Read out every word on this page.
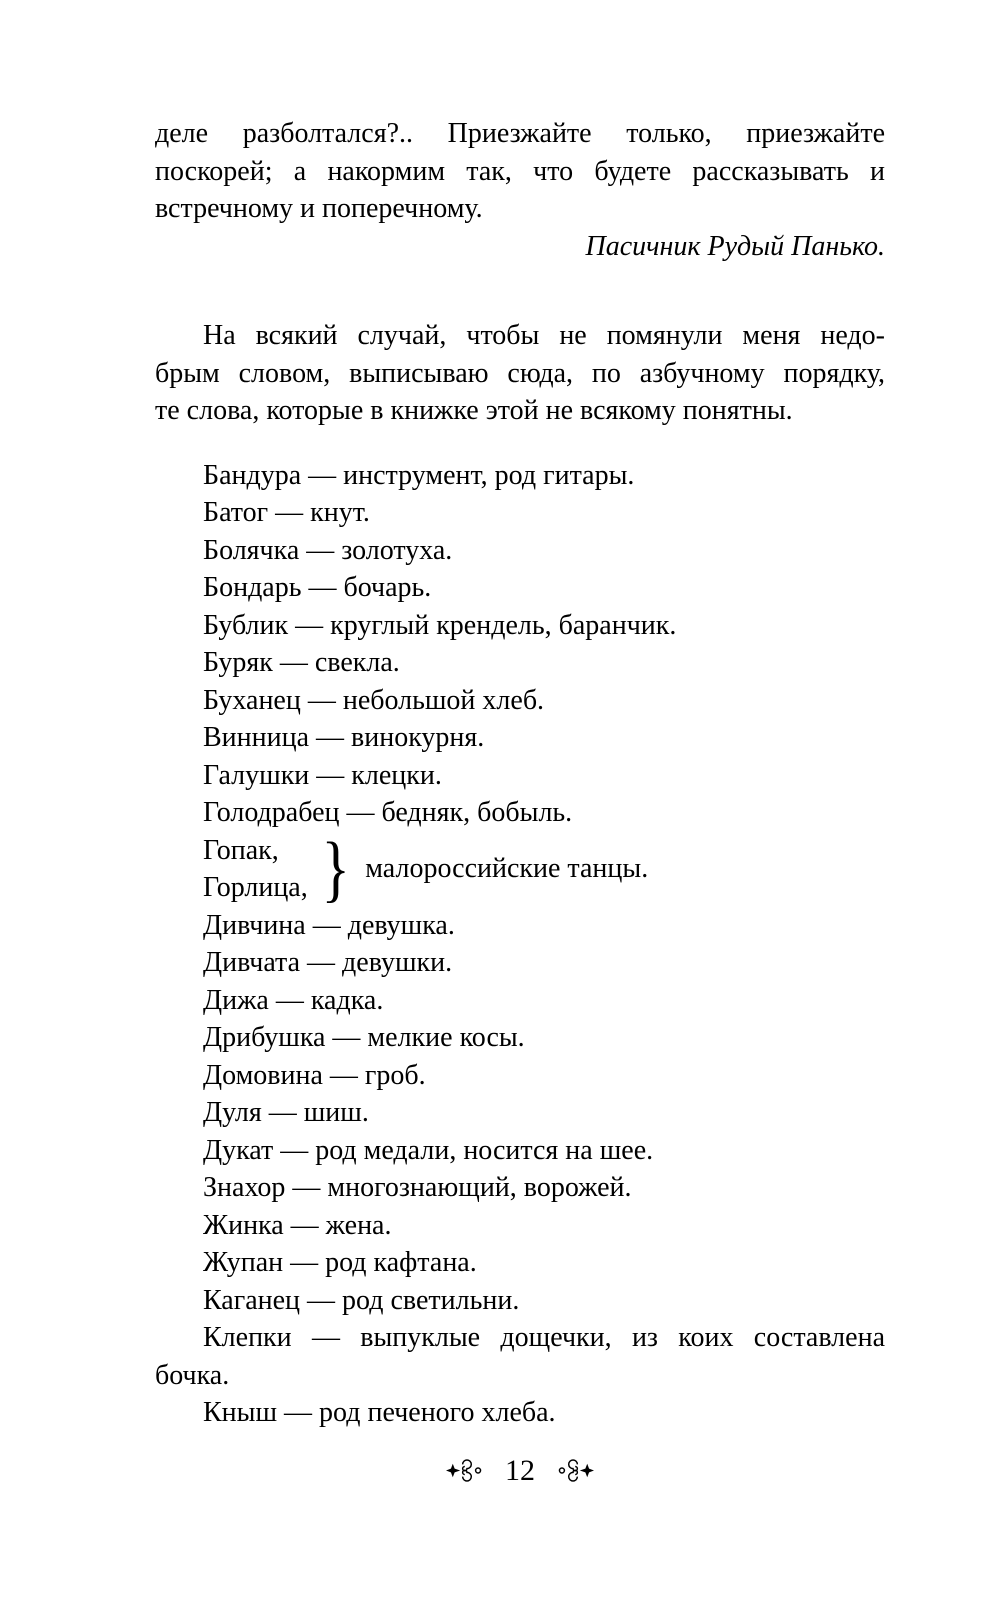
деле разболтался?.. Приезжайте только, приезжайте
поскорей; а накормим так, что будете рассказывать и
встречному и поперечному.
Пасичник Рудый Панько.
На всякий случай, чтобы не помянули меня недо-
брым словом, выписываю сюда, по азбучному порядку,
те слова, которые в книжке этой не всякому понятны.
Бандура — инструмент, род гитары.
Батог — кнут.
Болячка — золотуха.
Бондарь — бочарь.
Бублик — круглый крендель, баранчик.
Буряк — свекла.
Буханец — небольшой хлеб.
Винница — винокурня.
Галушки — клецки.
Голодрабец — бедняк, бобыль.
Гопак,
Горлица, } малороссийские танцы.
Дивчина — девушка.
Дивчата — девушки.
Дижа — кадка.
Дрибушка — мелкие косы.
Домовина — гроб.
Дуля — шиш.
Дукат — род медали, носится на шее.
Знахор — многознающий, ворожей.
Жинка — жена.
Жупан — род кафтана.
Каганец — род светильни.
Клепки — выпуклые дощечки, из коих составлена
бочка.
Кныш — род печеного хлеба.
12
